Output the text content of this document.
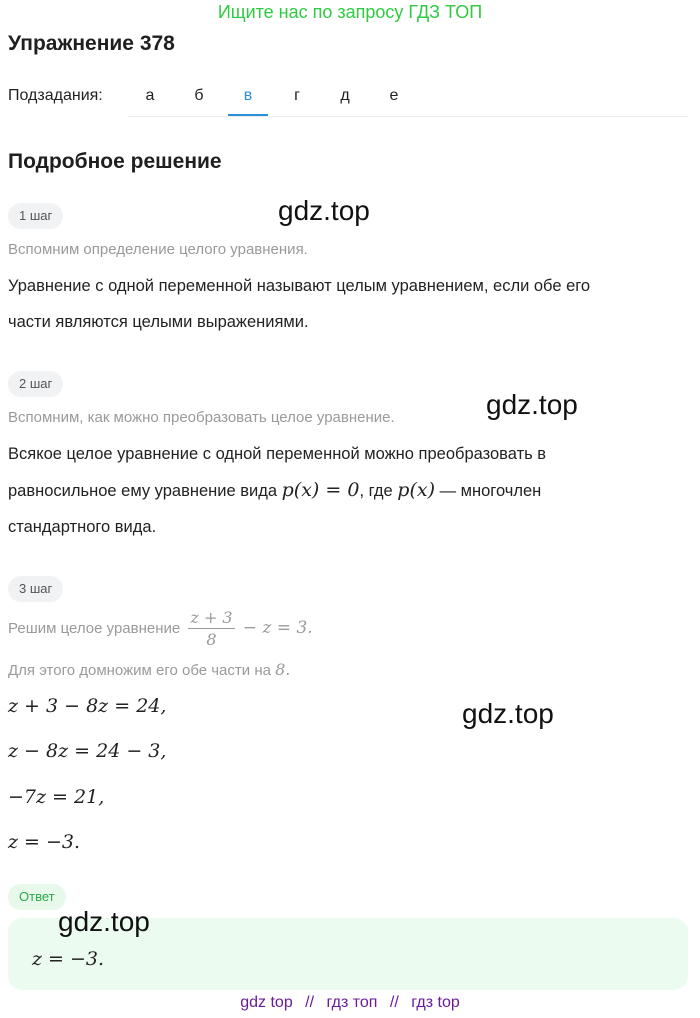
Ищите нас по запросу ГДЗ ТОП
Упражнение 378
Подзадания:	а	б	в	г	д	е
Подробное решение
1 шаг	gdz.top
Вспомним определение целого уравнения.
Уравнение с одной переменной называют целым уравнением, если обе его
части являются целыми выражениями.
2 шаг
Вспомним, как можно преобразовать целое уравнение.	gdz.top
Всякое целое уравнение с одной переменной можно преобразовать в
равносильное ему уравнение вида p(x) = 0, где p(x) — многочлен
стандартного вида.
3 шаг
Решим целое уравнение $\frac{z + 3}{8} - z = 3$.
Для этого домножим его обе части на 8.
z + 3 − 8z = 24,	gdz.top
z − 8z = 24 − 3,
−7z = 21,
z = −3.
Ответ
gdz.top
z = −3.
gdz top // гдз топ // гдз top
